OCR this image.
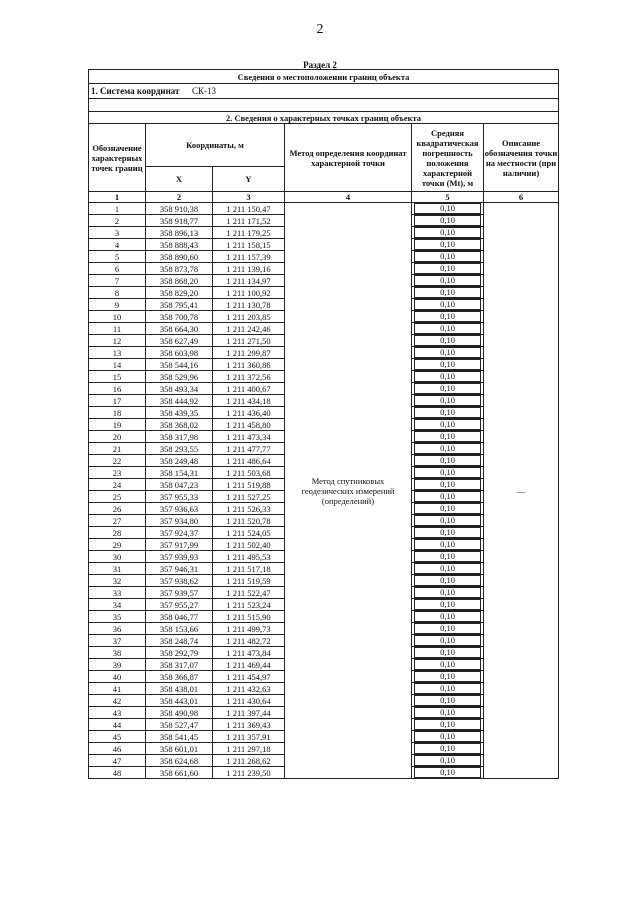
2
Раздел 2
Сведения о местоположении границ объекта					
1. Система координат СК-13					

2. Сведения о характерных точках границ объекта					
Обозначение характерных точек границ	Координаты, м		Метод определения координат характерной точки	Средняя квадратическая погрешность положения характерной точки (Mt), м	Описание обозначения точки на местности (при наличии)
	X	Y			
1	2	3	4	5	6
1	358 910,38	1 211 150,47	Метод спутниковых геодезических измерений (определений)	0,10	—
2	358 918,77	1 211 171,52		0,10	

3	358 896,13	1 211 179,25		0,10	

4	358 888,43	1 211 158,15		0,10	

5	358 890,60	1 211 157,39		0,10	

6	358 873,78	1 211 139,16		0,10	

7	358 868,20	1 211 134,97		0,10	

8	358 829,20	1 211 100,92		0,10	

9	358 795,41	1 211 130,78		0,10	

10	358 700,78	1 211 203,85		0,10	

11	358 664,30	1 211 242,46		0,10	

12	358 627,49	1 211 271,50		0,10	

13	358 603,98	1 211 299,87		0,10	

14	358 544,16	1 211 360,86		0,10	

15	358 529,96	1 211 372,56		0,10	

16	358 493,34	1 211 400,67		0,10	

17	358 444,92	1 211 434,18		0,10	

18	358 439,35	1 211 436,40		0,10	

19	358 368,02	1 211 458,80		0,10	

20	358 317,98	1 211 473,34		0,10	

21	358 293,55	1 211 477,77		0,10	

22	358 249,48	1 211 486,64		0,10	

23	358 154,31	1 211 503,68		0,10	

24	358 047,23	1 211 519,88		0,10	

25	357 955,33	1 211 527,25		0,10	

26	357 936,63	1 211 526,33		0,10	

27	357 934,80	1 211 520,78		0,10	

28	357 924,37	1 211 524,05		0,10	

29	357 917,99	1 211 502,40		0,10	

30	357 939,93	1 211 495,53		0,10	

31	357 946,31	1 211 517,18		0,10	

32	357 938,62	1 211 519,59		0,10	

33	357 939,57	1 211 522,47		0,10	

34	357 955,27	1 211 523,24		0,10	

35	358 046,77	1 211 515,90		0,10	

36	358 153,66	1 211 499,73		0,10	

37	358 248,74	1 211 482,72		0,10	

38	358 292,79	1 211 473,84		0,10	

39	358 317,07	1 211 469,44		0,10	

40	358 366,87	1 211 454,97		0,10	

41	358 438,01	1 211 432,63		0,10	

42	358 443,01	1 211 430,64		0,10	

43	358 490,98	1 211 397,44		0,10	

44	358 527,47	1 211 369,43		0,10	

45	358 541,45	1 211 357,91		0,10	

46	358 601,01	1 211 297,18		0,10	

47	358 624,68	1 211 268,62		0,10	

48	358 661,60	1 211 239,50		0,10	
